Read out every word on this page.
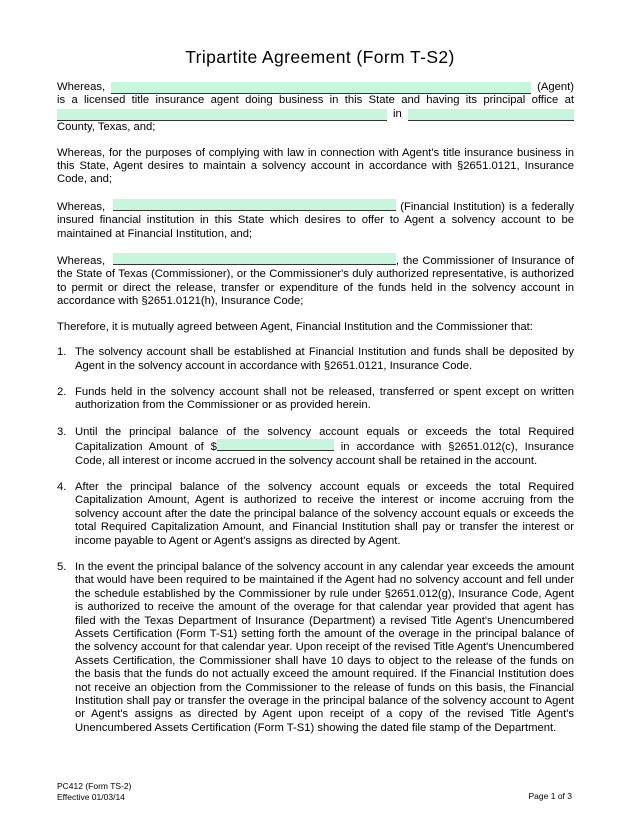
Tripartite Agreement (Form T-S2)
Whereas,	(Agent)

is a licensed title insurance agent doing business in this State and having its principal office at

in

County, Texas, and;

Whereas, for the purposes of complying with law in connection with Agent's title insurance business in this State, Agent desires to maintain a solvency account in accordance with §2651.0121, Insurance Code, and;

Whereas,	(Financial Institution) is a federally insured financial institution in this State which desires to offer to Agent a solvency account to be maintained at Financial Institution, and;

Whereas,	, the Commissioner of Insurance of the State of Texas (Commissioner), or the Commissioner's duly authorized representative, is authorized to permit or direct the release, transfer or expenditure of the funds held in the solvency account in accordance with §2651.0121(h), Insurance Code;

Therefore, it is mutually agreed between Agent, Financial Institution and the Commissioner that:

1. The solvency account shall be established at Financial Institution and funds shall be deposited by Agent in the solvency account in accordance with §2651.0121, Insurance Code.
2. Funds held in the solvency account shall not be released, transferred or spent except on written authorization from the Commissioner or as provided herein.
3. Until the principal balance of the solvency account equals or exceeds the total Required Capitalization Amount of $	in accordance with §2651.012(c), Insurance Code, all interest or income accrued in the solvency account shall be retained in the account.
4. After the principal balance of the solvency account equals or exceeds the total Required Capitalization Amount, Agent is authorized to receive the interest or income accruing from the solvency account after the date the principal balance of the solvency account equals or exceeds the total Required Capitalization Amount, and Financial Institution shall pay or transfer the interest or income payable to Agent or Agent's assigns as directed by Agent.
5. In the event the principal balance of the solvency account in any calendar year exceeds the amount that would have been required to be maintained if the Agent had no solvency account and fell under the schedule established by the Commissioner by rule under §2651.012(g), Insurance Code, Agent is authorized to receive the amount of the overage for that calendar year provided that agent has filed with the Texas Department of Insurance (Department) a revised Title Agent's Unencumbered Assets Certification (Form T-S1) setting forth the amount of the overage in the principal balance of the solvency account for that calendar year. Upon receipt of the revised Title Agent's Unencumbered Assets Certification, the Commissioner shall have 10 days to object to the release of the funds on the basis that the funds do not actually exceed the amount required. If the Financial Institution does not receive an objection from the Commissioner to the release of funds on this basis, the Financial Institution shall pay or transfer the overage in the principal balance of the solvency account to Agent or Agent's assigns as directed by Agent upon receipt of a copy of the revised Title Agent's Unencumbered Assets Certification (Form T-S1) showing the dated file stamp of the Department.
PC412 (Form TS-2)
Effective 01/03/14	Page 1 of 3
